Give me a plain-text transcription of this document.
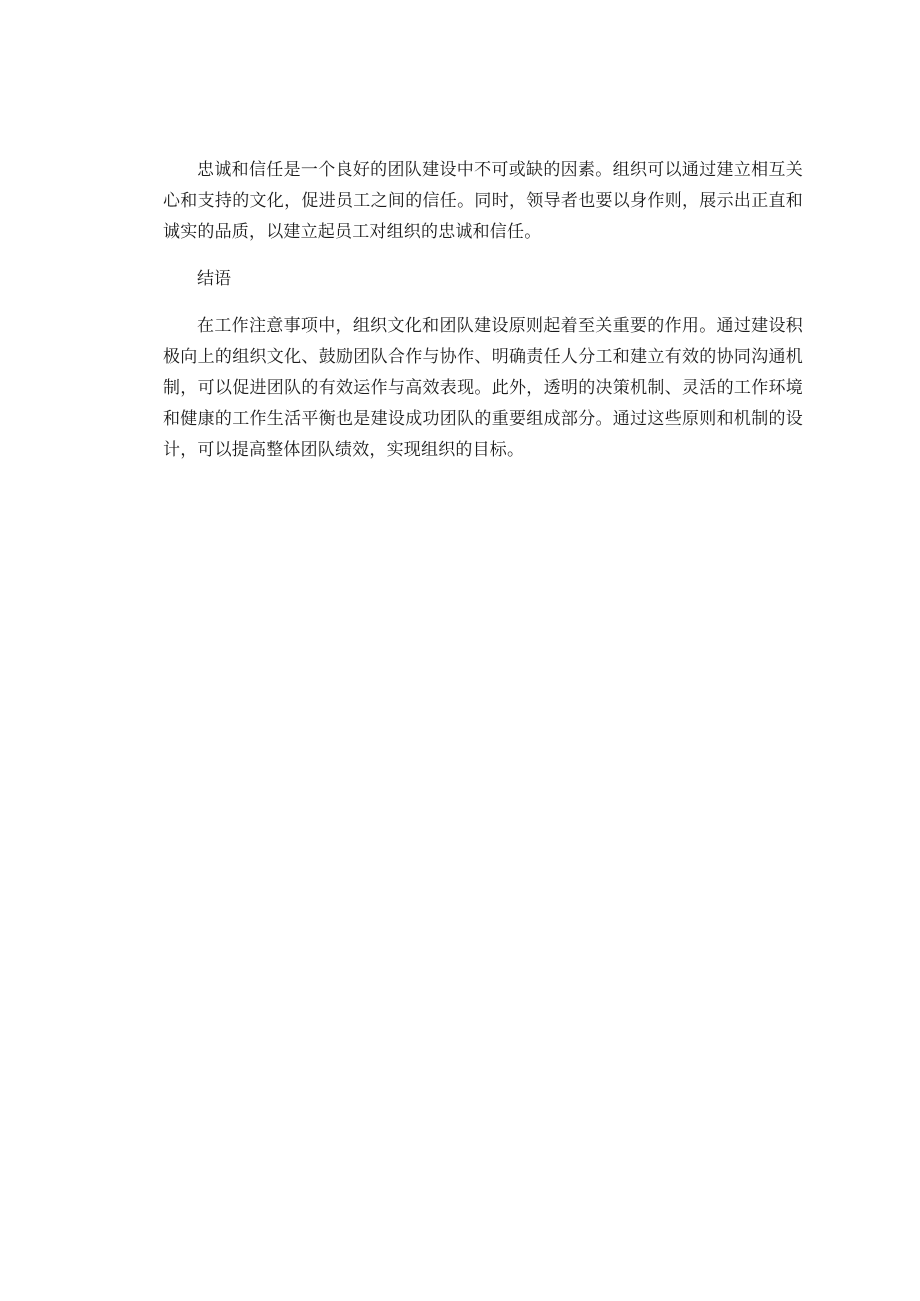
忠诚和信任是一个良好的团队建设中不可或缺的因素。组织可以通过建立相互关心和支持的文化，促进员工之间的信任。同时，领导者也要以身作则，展示出正直和诚实的品质，以建立起员工对组织的忠诚和信任。

结语

在工作注意事项中，组织文化和团队建设原则起着至关重要的作用。通过建设积极向上的组织文化、鼓励团队合作与协作、明确责任人分工和建立有效的协同沟通机制，可以促进团队的有效运作与高效表现。此外，透明的决策机制、灵活的工作环境和健康的工作生活平衡也是建设成功团队的重要组成部分。通过这些原则和机制的设计，可以提高整体团队绩效，实现组织的目标。
